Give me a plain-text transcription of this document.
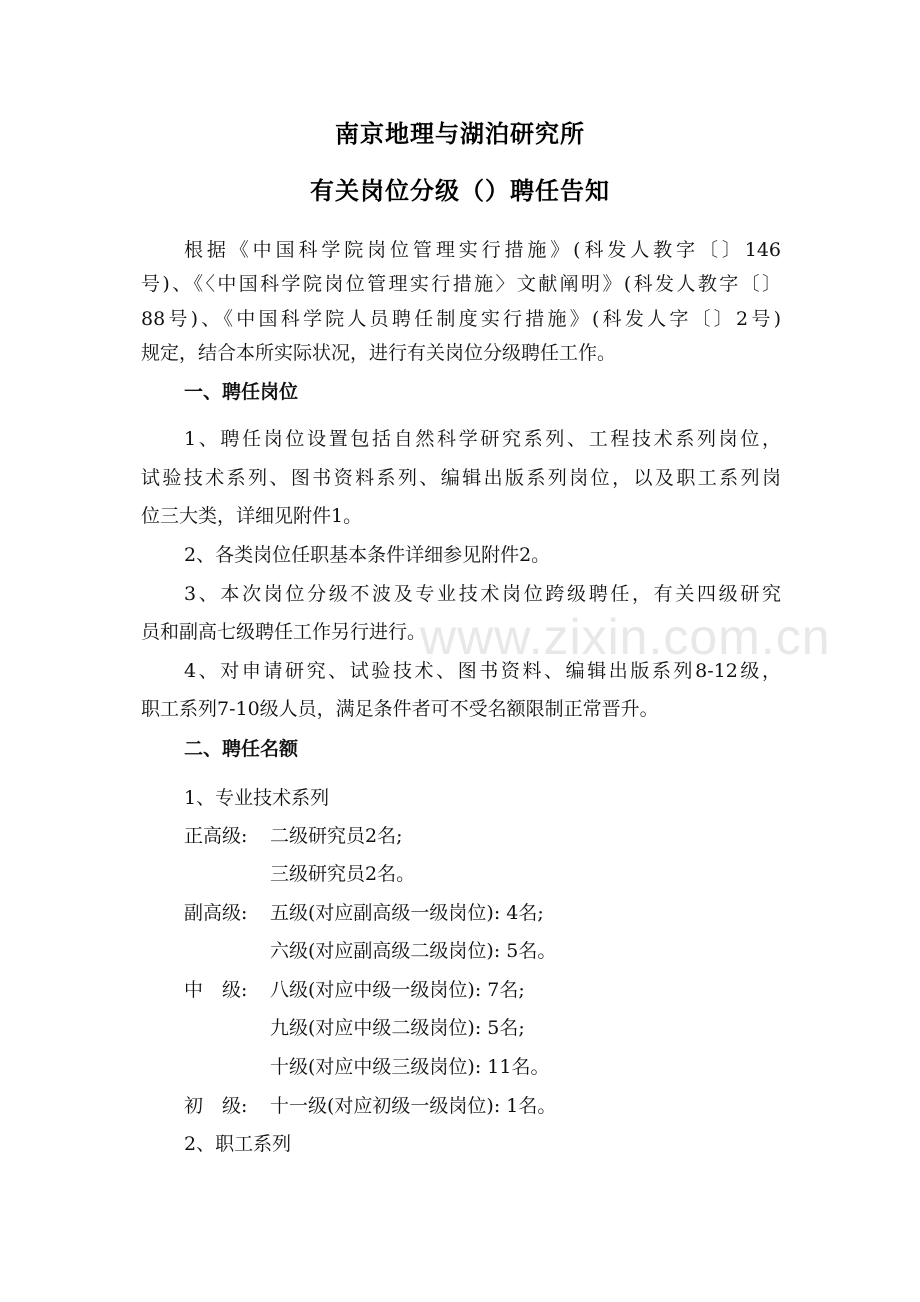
南京地理与湖泊研究所
有关岗位分级（）聘任告知
根据《中国科学院岗位管理实行措施》(科发人教字〔〕146
号)、《〈中国科学院岗位管理实行措施〉文献阐明》(科发人教字〔〕
88号)、《中国科学院人员聘任制度实行措施》(科发人字〔〕2号)
规定，结合本所实际状况，进行有关岗位分级聘任工作。
一、聘任岗位
1、聘任岗位设置包括自然科学研究系列、工程技术系列岗位，
试验技术系列、图书资料系列、编辑出版系列岗位，以及职工系列岗
位三大类，详细见附件1。
2、各类岗位任职基本条件详细参见附件2。
3、本次岗位分级不波及专业技术岗位跨级聘任，有关四级研究
员和副高七级聘任工作另行进行。
4、对申请研究、试验技术、图书资料、编辑出版系列8-12级，
职工系列7-10级人员，满足条件者可不受名额限制正常晋升。
二、聘任名额
1、专业技术系列
正高级: 二级研究员2名;
三级研究员2名。
副高级: 五级(对应副高级一级岗位): 4名;
六级(对应副高级二级岗位): 5名。
中　级: 八级(对应中级一级岗位): 7名;
九级(对应中级二级岗位): 5名;
十级(对应中级三级岗位): 11名。
初　级: 十一级(对应初级一级岗位): 1名。
2、职工系列
www.zixin.com.cn
